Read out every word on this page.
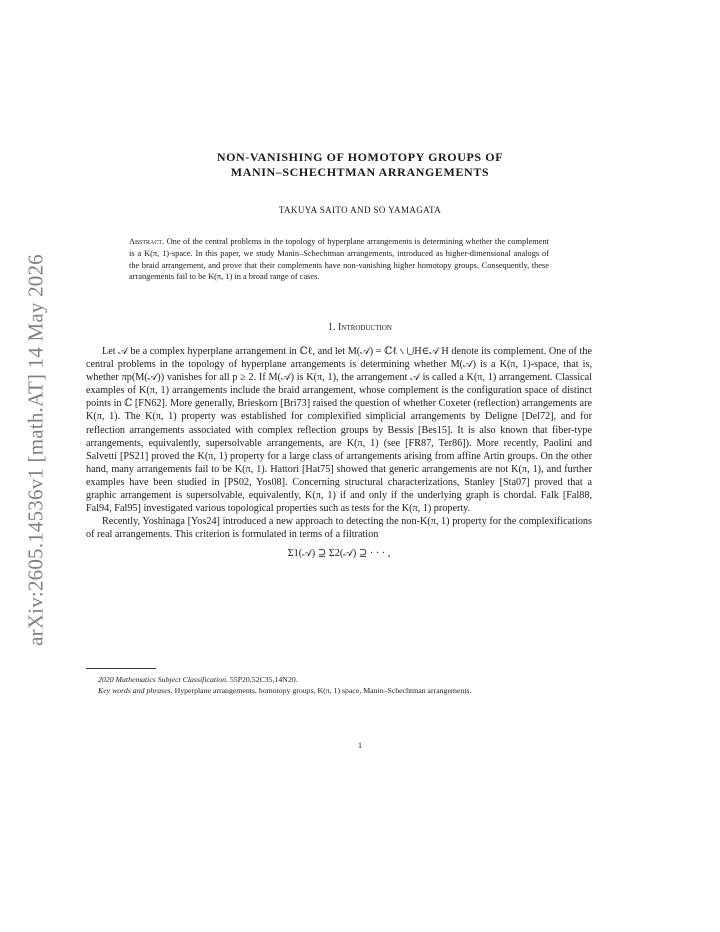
arXiv:2605.14536v1 [math.AT] 14 May 2026
NON-VANISHING OF HOMOTOPY GROUPS OF
MANIN–SCHECHTMAN ARRANGEMENTS
TAKUYA SAITO AND SO YAMAGATA
Abstract. One of the central problems in the topology of hyperplane arrangements is determining whether the complement is a K(π, 1)-space. In this paper, we study Manin–Schechtman arrangements, introduced as higher-dimensional analogs of the braid arrangement, and prove that their complements have non-vanishing higher homotopy groups. Consequently, these arrangements fail to be K(π, 1) in a broad range of cases.
1. Introduction

Let 𝒜 be a complex hyperplane arrangement in ℂℓ, and let M(𝒜) = ℂℓ ∖ ⋃H∈𝒜 H denote its complement. One of the central problems in the topology of hyperplane arrangements is determining whether M(𝒜) is a K(π, 1)-space, that is, whether πp(M(𝒜)) vanishes for all p ≥ 2. If M(𝒜) is K(π, 1), the arrangement 𝒜 is called a K(π, 1) arrangement. Classical examples of K(π, 1) arrangements include the braid arrangement, whose complement is the configuration space of distinct points in ℂ [FN62]. More generally, Brieskorn [Bri73] raised the question of whether Coxeter (reflection) arrangements are K(π, 1). The K(π, 1) property was established for complexified simplicial arrangements by Deligne [Del72], and for reflection arrangements associated with complex reflection groups by Bessis [Bes15]. It is also known that fiber-type arrangements, equivalently, supersolvable arrangements, are K(π, 1) (see [FR87, Ter86]). More recently, Paolini and Salvetti [PS21] proved the K(π, 1) property for a large class of arrangements arising from affine Artin groups. On the other hand, many arrangements fail to be K(π, 1). Hattori [Hat75] showed that generic arrangements are not K(π, 1), and further examples have been studied in [PS02, Yos08]. Concerning structural characterizations, Stanley [Sta07] proved that a graphic arrangement is supersolvable, equivalently, K(π, 1) if and only if the underlying graph is chordal. Falk [Fal88, Fal94, Fal95] investigated various topological properties such as tests for the K(π, 1) property.

Recently, Yoshinaga [Yos24] introduced a new approach to detecting the non-K(π, 1) property for the complexifications of real arrangements. This criterion is formulated in terms of a filtration

Σ1(𝒜) ⊇ Σ2(𝒜) ⊇ · · · ,

2020 Mathematics Subject Classification. 55P20,52C35,14N20.

Key words and phrases. Hyperplane arrangements, homotopy groups, K(π, 1) space, Manin–Schechtman arrangements.

1
